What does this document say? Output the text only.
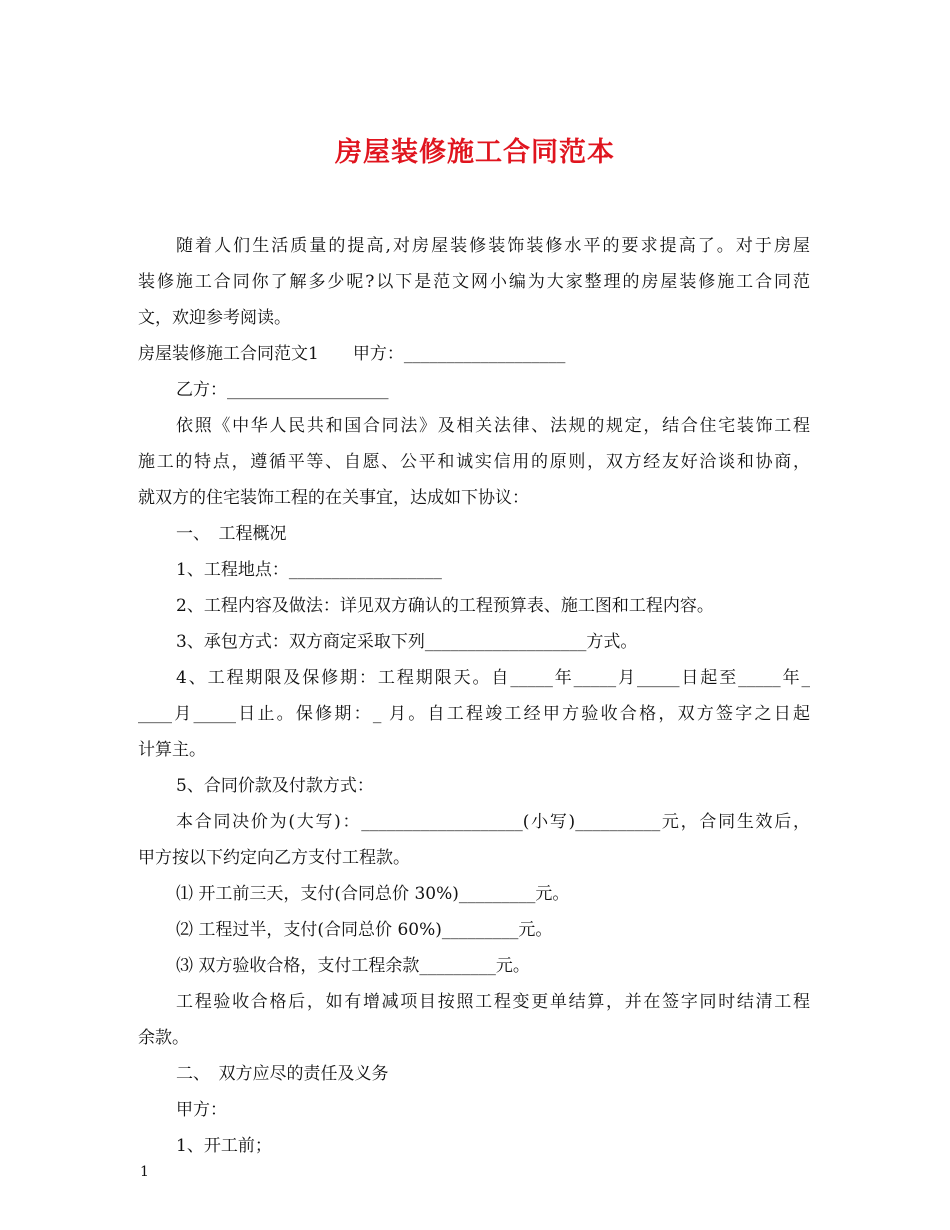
房屋装修施工合同范本
随着人们生活质量的提高,对房屋装修装饰装修水平的要求提高了。对于房屋
装修施工合同你了解多少呢?以下是范文网小编为大家整理的房屋装修施工合同范
文，欢迎参考阅读。
房屋装修施工合同范文1　　甲方：___________________
乙方：___________________
依照《中华人民共和国合同法》及相关法律、法规的规定，结合住宅装饰工程
施工的特点，遵循平等、自愿、公平和诚实信用的原则，双方经友好洽谈和协商，
就双方的住宅装饰工程的在关事宜，达成如下协议：
一、　工程概况
1、工程地点：__________________
2、工程内容及做法：详见双方确认的工程预算表、施工图和工程内容。
3、承包方式：双方商定采取下列___________________方式。
4、工程期限及保修期：工程期限天。自_____年_____月_____日起至_____年_
____月_____日止。保修期：_ 月。自工程竣工经甲方验收合格，双方签字之日起
计算主。
5、合同价款及付款方式：
本合同决价为(大写)：___________________(小写)__________元，合同生效后，
甲方按以下约定向乙方支付工程款。
⑴ 开工前三天，支付(合同总价 30%)_________元。
⑵ 工程过半，支付(合同总价 60%)_________元。
⑶ 双方验收合格，支付工程余款_________元。
工程验收合格后，如有增减项目按照工程变更单结算，并在签字同时结清工程
余款。
二、　双方应尽的责任及义务
甲方：
1、开工前；
1
